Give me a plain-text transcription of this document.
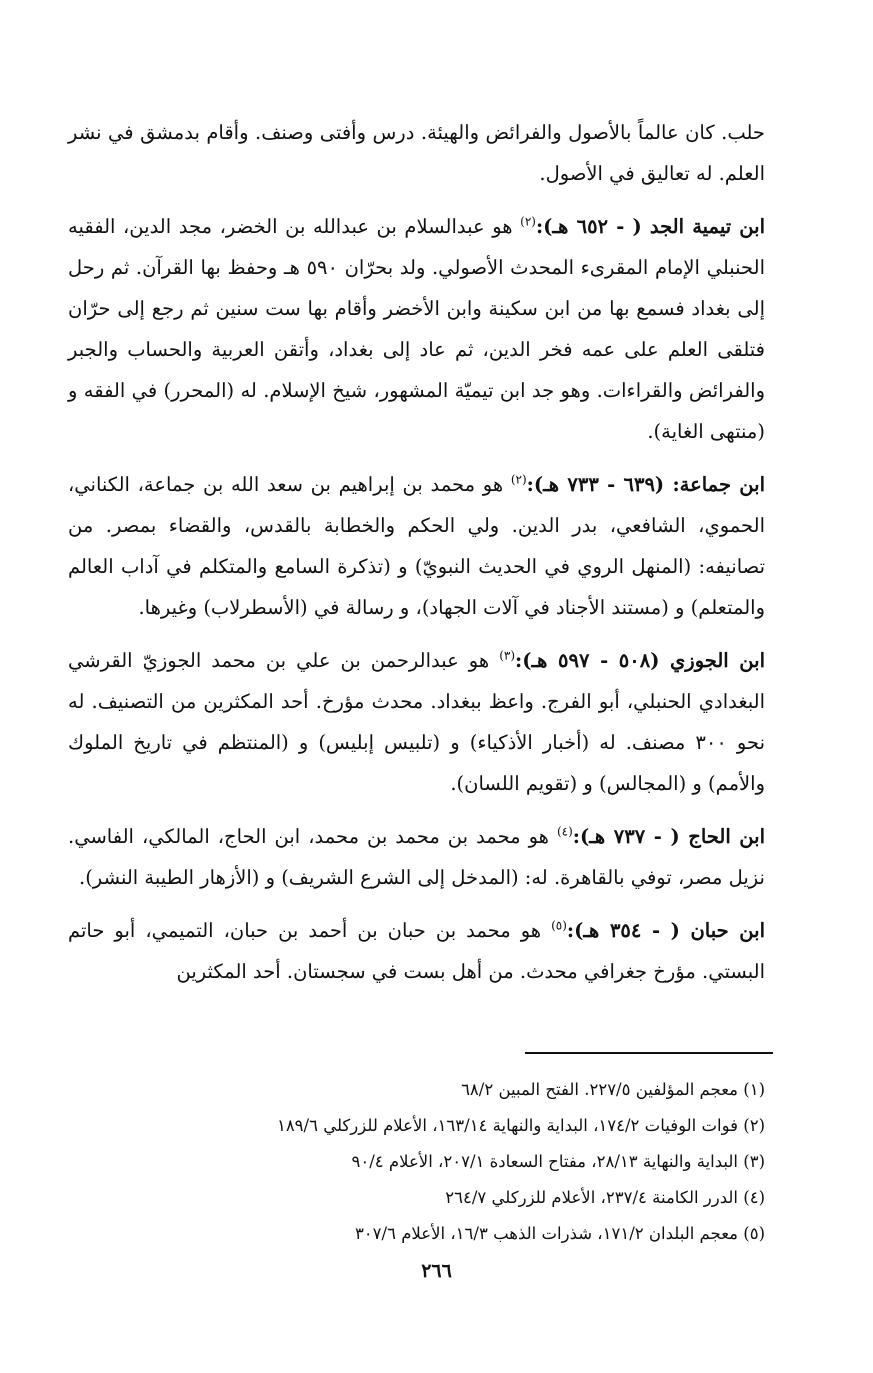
حلب. كان عالماً بالأصول والفرائض والهيئة. درس وأفتى وصنف. وأقام بدمشق في نشر العلم. له تعاليق في الأصول.

ابن تيمية الجد ( - ٦٥٢ هـ):$^{(٢)}$ هو عبدالسلام بن عبدالله بن الخضر، مجد الدين، الفقيه الحنبلي الإمام المقرىء المحدث الأصولي. ولد بحرّان ٥٩٠ هـ وحفظ بها القرآن. ثم رحل إلى بغداد فسمع بها من ابن سكينة وابن الأخضر وأقام بها ست سنين ثم رجع إلى حرّان فتلقى العلم على عمه فخر الدين، ثم عاد إلى بغداد، وأتقن العربية والحساب والجبر والفرائض والقراءات. وهو جد ابن تيميّة المشهور، شيخ الإسلام. له (المحرر) في الفقه و (منتهى الغاية).

ابن جماعة: (٦٣٩ - ٧٣٣ هـ):$^{(٢)}$ هو محمد بن إبراهيم بن سعد الله بن جماعة، الكناني، الحموي، الشافعي، بدر الدين. ولي الحكم والخطابة بالقدس، والقضاء بمصر. من تصانيفه: (المنهل الروي في الحديث النبويّ) و (تذكرة السامع والمتكلم في آداب العالم والمتعلم) و (مستند الأجناد في آلات الجهاد)، و رسالة في (الأسطرلاب) وغيرها.

ابن الجوزي (٥٠٨ - ٥٩٧ هـ):$^{(٣)}$ هو عبدالرحمن بن علي بن محمد الجوزيّ القرشي البغدادي الحنبلي، أبو الفرج. واعظ ببغداد. محدث مؤرخ. أحد المكثرين من التصنيف. له نحو ٣٠٠ مصنف. له (أخبار الأذكياء) و (تلبيس إبليس) و (المنتظم في تاريخ الملوك والأمم) و (المجالس) و (تقويم اللسان).

ابن الحاج ( - ٧٣٧ هـ):$^{(٤)}$ هو محمد بن محمد بن محمد، ابن الحاج، المالكي، الفاسي. نزيل مصر، توفي بالقاهرة. له: (المدخل إلى الشرع الشريف) و (الأزهار الطيبة النشر).

ابن حبان ( - ٣٥٤ هـ):$^{(٥)}$ هو محمد بن حبان بن أحمد بن حبان، التميمي، أبو حاتم البستي. مؤرخ جغرافي محدث. من أهل بست في سجستان. أحد المكثرين

(١) معجم المؤلفين ٢٢٧/٥. الفتح المبين ٦٨/٢

(٢) فوات الوفيات ١٧٤/٢، البداية والنهاية ١٦٣/١٤، الأعلام للزركلي ١٨٩/٦

(٣) البداية والنهاية ٢٨/١٣، مفتاح السعادة ٢٠٧/١، الأعلام ٩٠/٤

(٤) الدرر الكامنة ٢٣٧/٤، الأعلام للزركلي ٢٦٤/٧

(٥) معجم البلدان ١٧١/٢، شذرات الذهب ١٦/٣، الأعلام ٣٠٧/٦

٢٦٦
